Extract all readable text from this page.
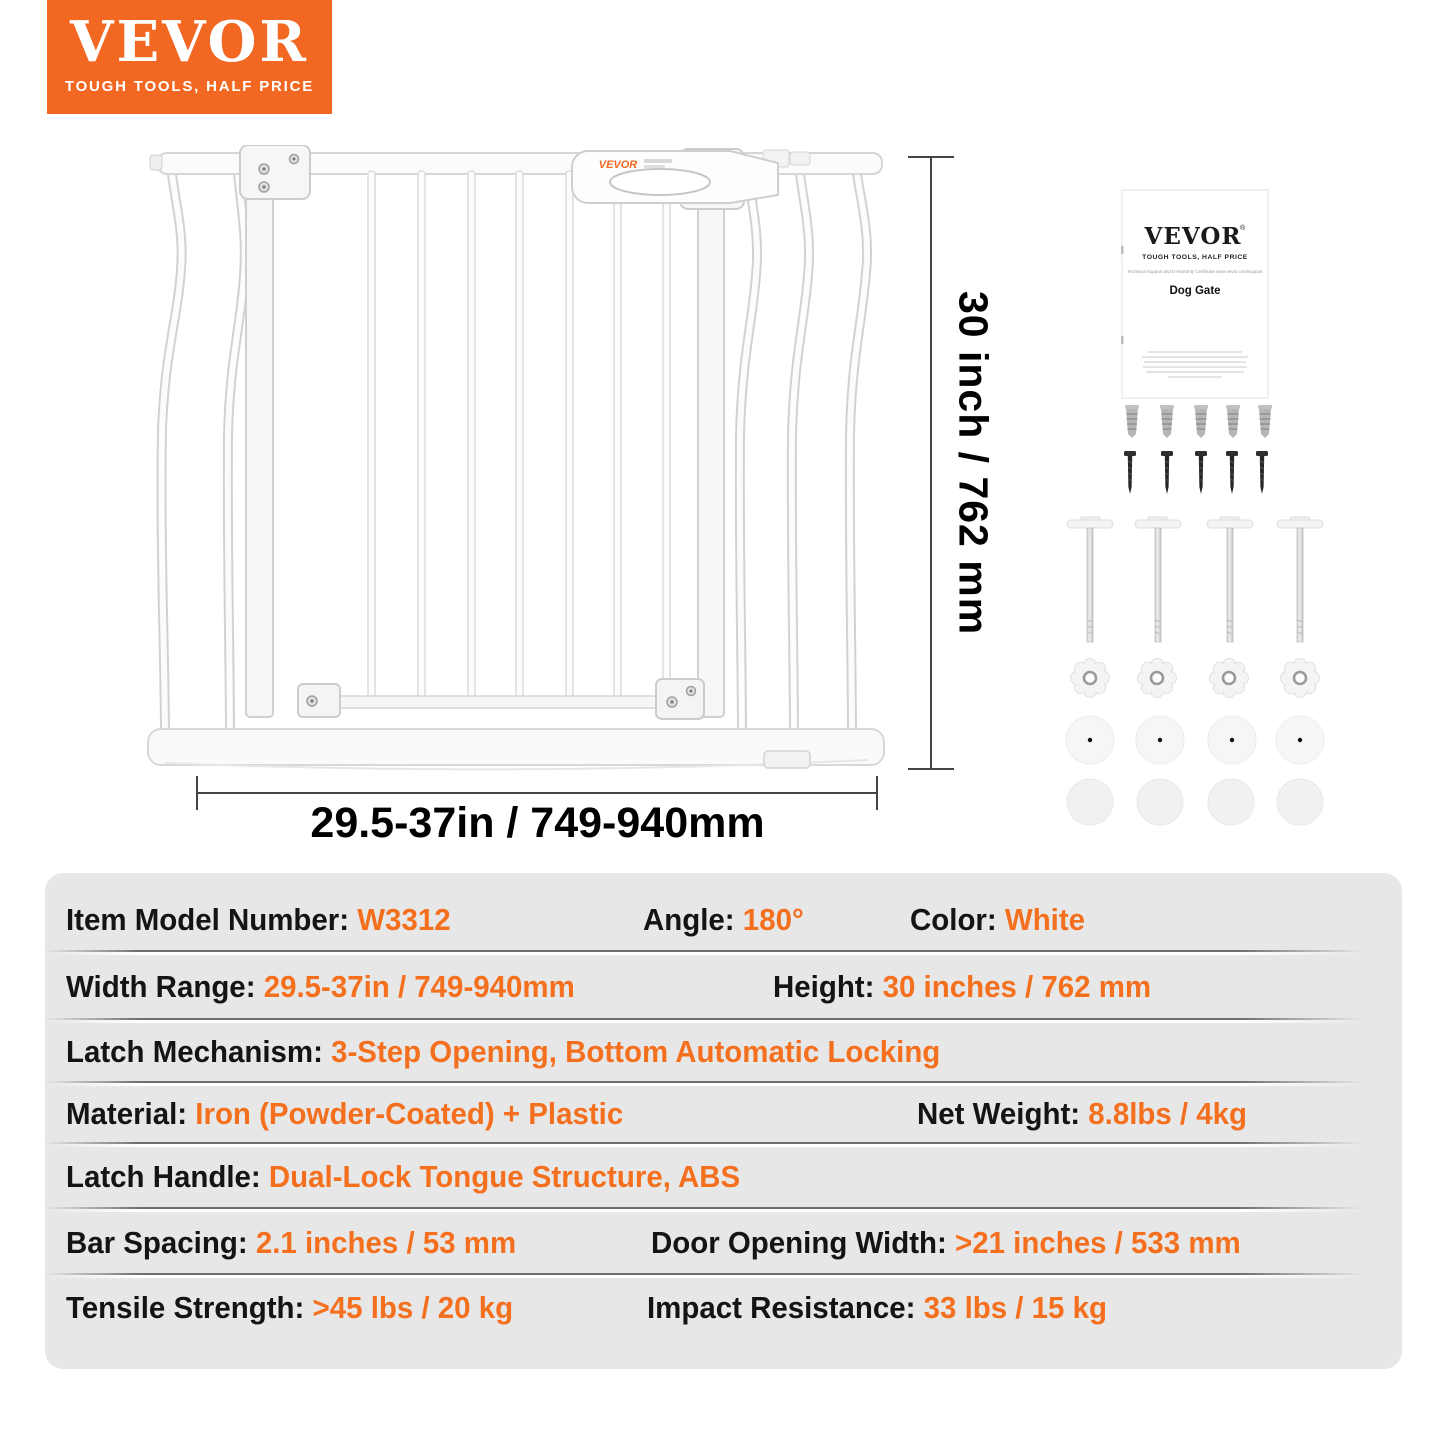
VEVOR
TOUGH TOOLS, HALF PRICE
VEVOR
30 inch / 762 mm
29.5-37in / 749-940mm
VEVOR
®
TOUGH TOOLS, HALF PRICE
Technical Support and E-Warranty Certificate www.vevor.com/support
Dog Gate
Item Model Number: W3312	Angle: 180°	Color: White
Width Range: 29.5-37in / 749-940mm	Height: 30 inches / 762 mm
Latch Mechanism: 3-Step Opening, Bottom Automatic Locking
Material: Iron (Powder-Coated) + Plastic	Net Weight: 8.8lbs / 4kg
Latch Handle: Dual-Lock Tongue Structure, ABS
Bar Spacing: 2.1 inches / 53 mm	Door Opening Width: >21 inches / 533 mm
Tensile Strength: >45 lbs / 20 kg	Impact Resistance: 33 lbs / 15 kg
